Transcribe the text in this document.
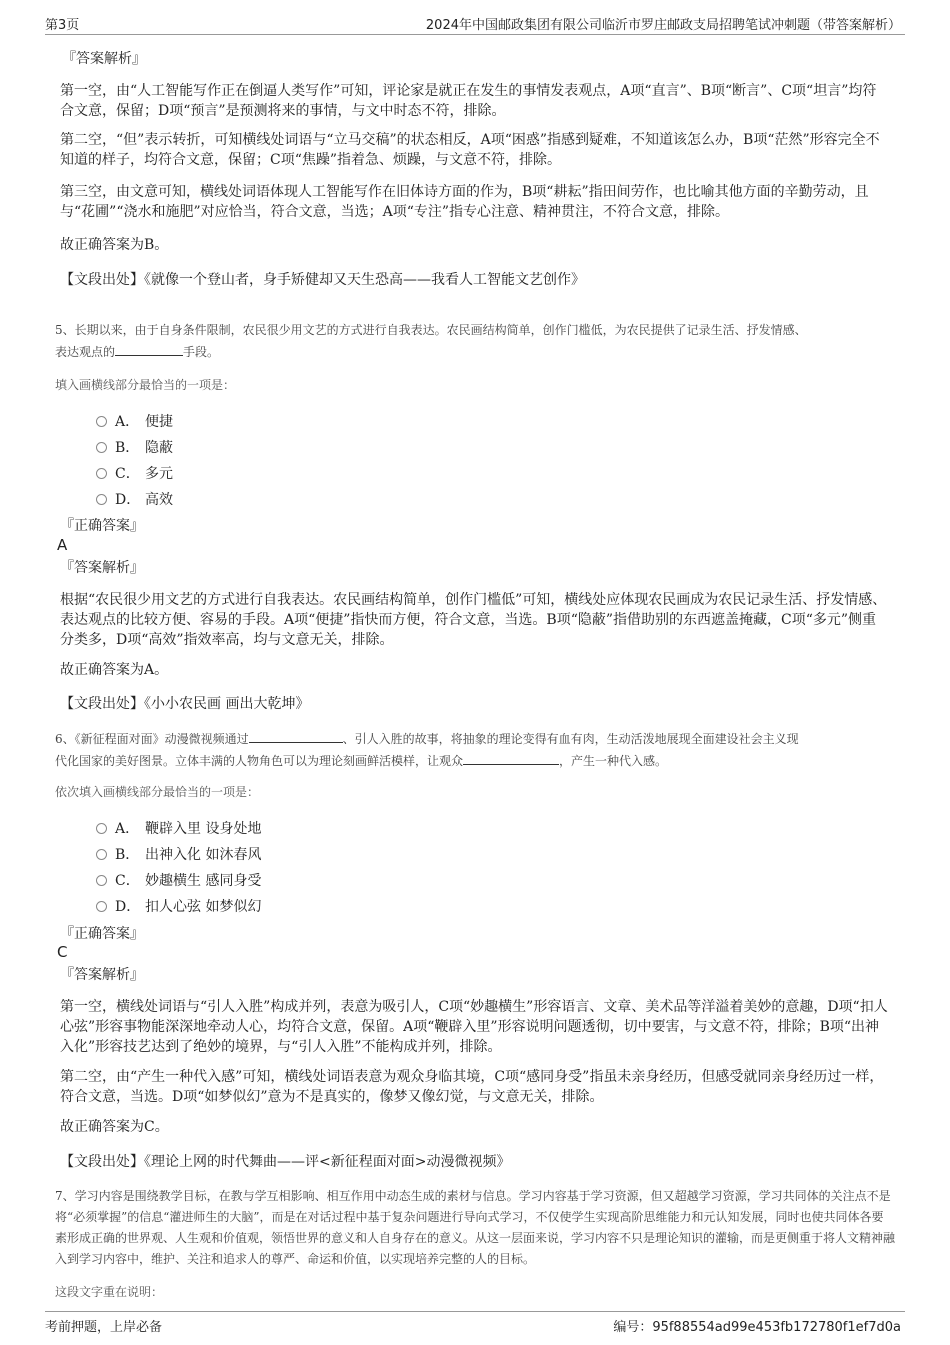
第3页	2024年中国邮政集团有限公司临沂市罗庄邮政支局招聘笔试冲刺题（带答案解析）
『答案解析』
第一空，由“人工智能写作正在倒逼人类写作”可知，评论家是就正在发生的事情发表观点，A项“直言”、B项“断言”、C项“坦言”均符合文意，保留；D项“预言”是预测将来的事情，与文中时态不符，排除。
第二空，“但”表示转折，可知横线处词语与“立马交稿”的状态相反，A项“困惑”指感到疑难，不知道该怎么办，B项“茫然”形容完全不知道的样子，均符合文意，保留；C项“焦躁”指着急、烦躁，与文意不符，排除。
第三空，由文意可知，横线处词语体现人工智能写作在旧体诗方面的作为，B项“耕耘”指田间劳作，也比喻其他方面的辛勤劳动，且与“花圃”“浇水和施肥”对应恰当，符合文意，当选；A项“专注”指专心注意、精神贯注，不符合文意，排除。
故正确答案为B。
【文段出处】《就像一个登山者，身手矫健却又天生恐高——我看人工智能文艺创作》
5、长期以来，由于自身条件限制，农民很少用文艺的方式进行自我表达。农民画结构简单，创作门槛低，为农民提供了记录生活、抒发情感、
表达观点的	手段。
填入画横线部分最恰当的一项是：
A． 便捷
B． 隐蔽
C． 多元
D． 高效
『正确答案』
A
『答案解析』
根据“农民很少用文艺的方式进行自我表达。农民画结构简单，创作门槛低”可知，横线处应体现农民画成为农民记录生活、抒发情感、表达观点的比较方便、容易的手段。A项“便捷”指快而方便，符合文意，当选。B项“隐蔽”指借助别的东西遮盖掩藏，C项“多元”侧重分类多，D项“高效”指效率高，均与文意无关，排除。
故正确答案为A。
【文段出处】《小小农民画 画出大乾坤》
6、《新征程面对面》动漫微视频通过	、引人入胜的故事，将抽象的理论变得有血有肉，生动活泼地展现全面建设社会主义现
代化国家的美好图景。立体丰满的人物角色可以为理论刻画鲜活模样，让观众	，产生一种代入感。
依次填入画横线部分最恰当的一项是：
A． 鞭辟入里 设身处地
B． 出神入化 如沐春风
C． 妙趣横生 感同身受
D． 扣人心弦 如梦似幻
『正确答案』
C
『答案解析』
第一空，横线处词语与“引人入胜”构成并列，表意为吸引人，C项“妙趣横生”形容语言、文章、美术品等洋溢着美妙的意趣，D项“扣人心弦”形容事物能深深地牵动人心，均符合文意，保留。A项“鞭辟入里”形容说明问题透彻，切中要害，与文意不符，排除；B项“出神入化”形容技艺达到了绝妙的境界，与“引人入胜”不能构成并列，排除。
第二空，由“产生一种代入感”可知，横线处词语表意为观众身临其境，C项“感同身受”指虽未亲身经历，但感受就同亲身经历过一样，符合文意，当选。D项“如梦似幻”意为不是真实的，像梦又像幻觉，与文意无关，排除。
故正确答案为C。
【文段出处】《理论上网的时代舞曲——评<新征程面对面>动漫微视频》
7、学习内容是围绕教学目标，在教与学互相影响、相互作用中动态生成的素材与信息。学习内容基于学习资源，但又超越学习资源，学习共同体的关注点不是将“必须掌握”的信息“灌进师生的大脑”，而是在对话过程中基于复杂问题进行导向式学习，不仅使学生实现高阶思维能力和元认知发展，同时也使共同体各要素形成正确的世界观、人生观和价值观，领悟世界的意义和人自身存在的意义。从这一层面来说，学习内容不只是理论知识的灌输，而是更侧重于将人文精神融入到学习内容中，维护、关注和追求人的尊严、命运和价值，以实现培养完整的人的目标。
这段文字重在说明：
考前押题，上岸必备	编号：95f88554ad99e453fb172780f1ef7d0a
